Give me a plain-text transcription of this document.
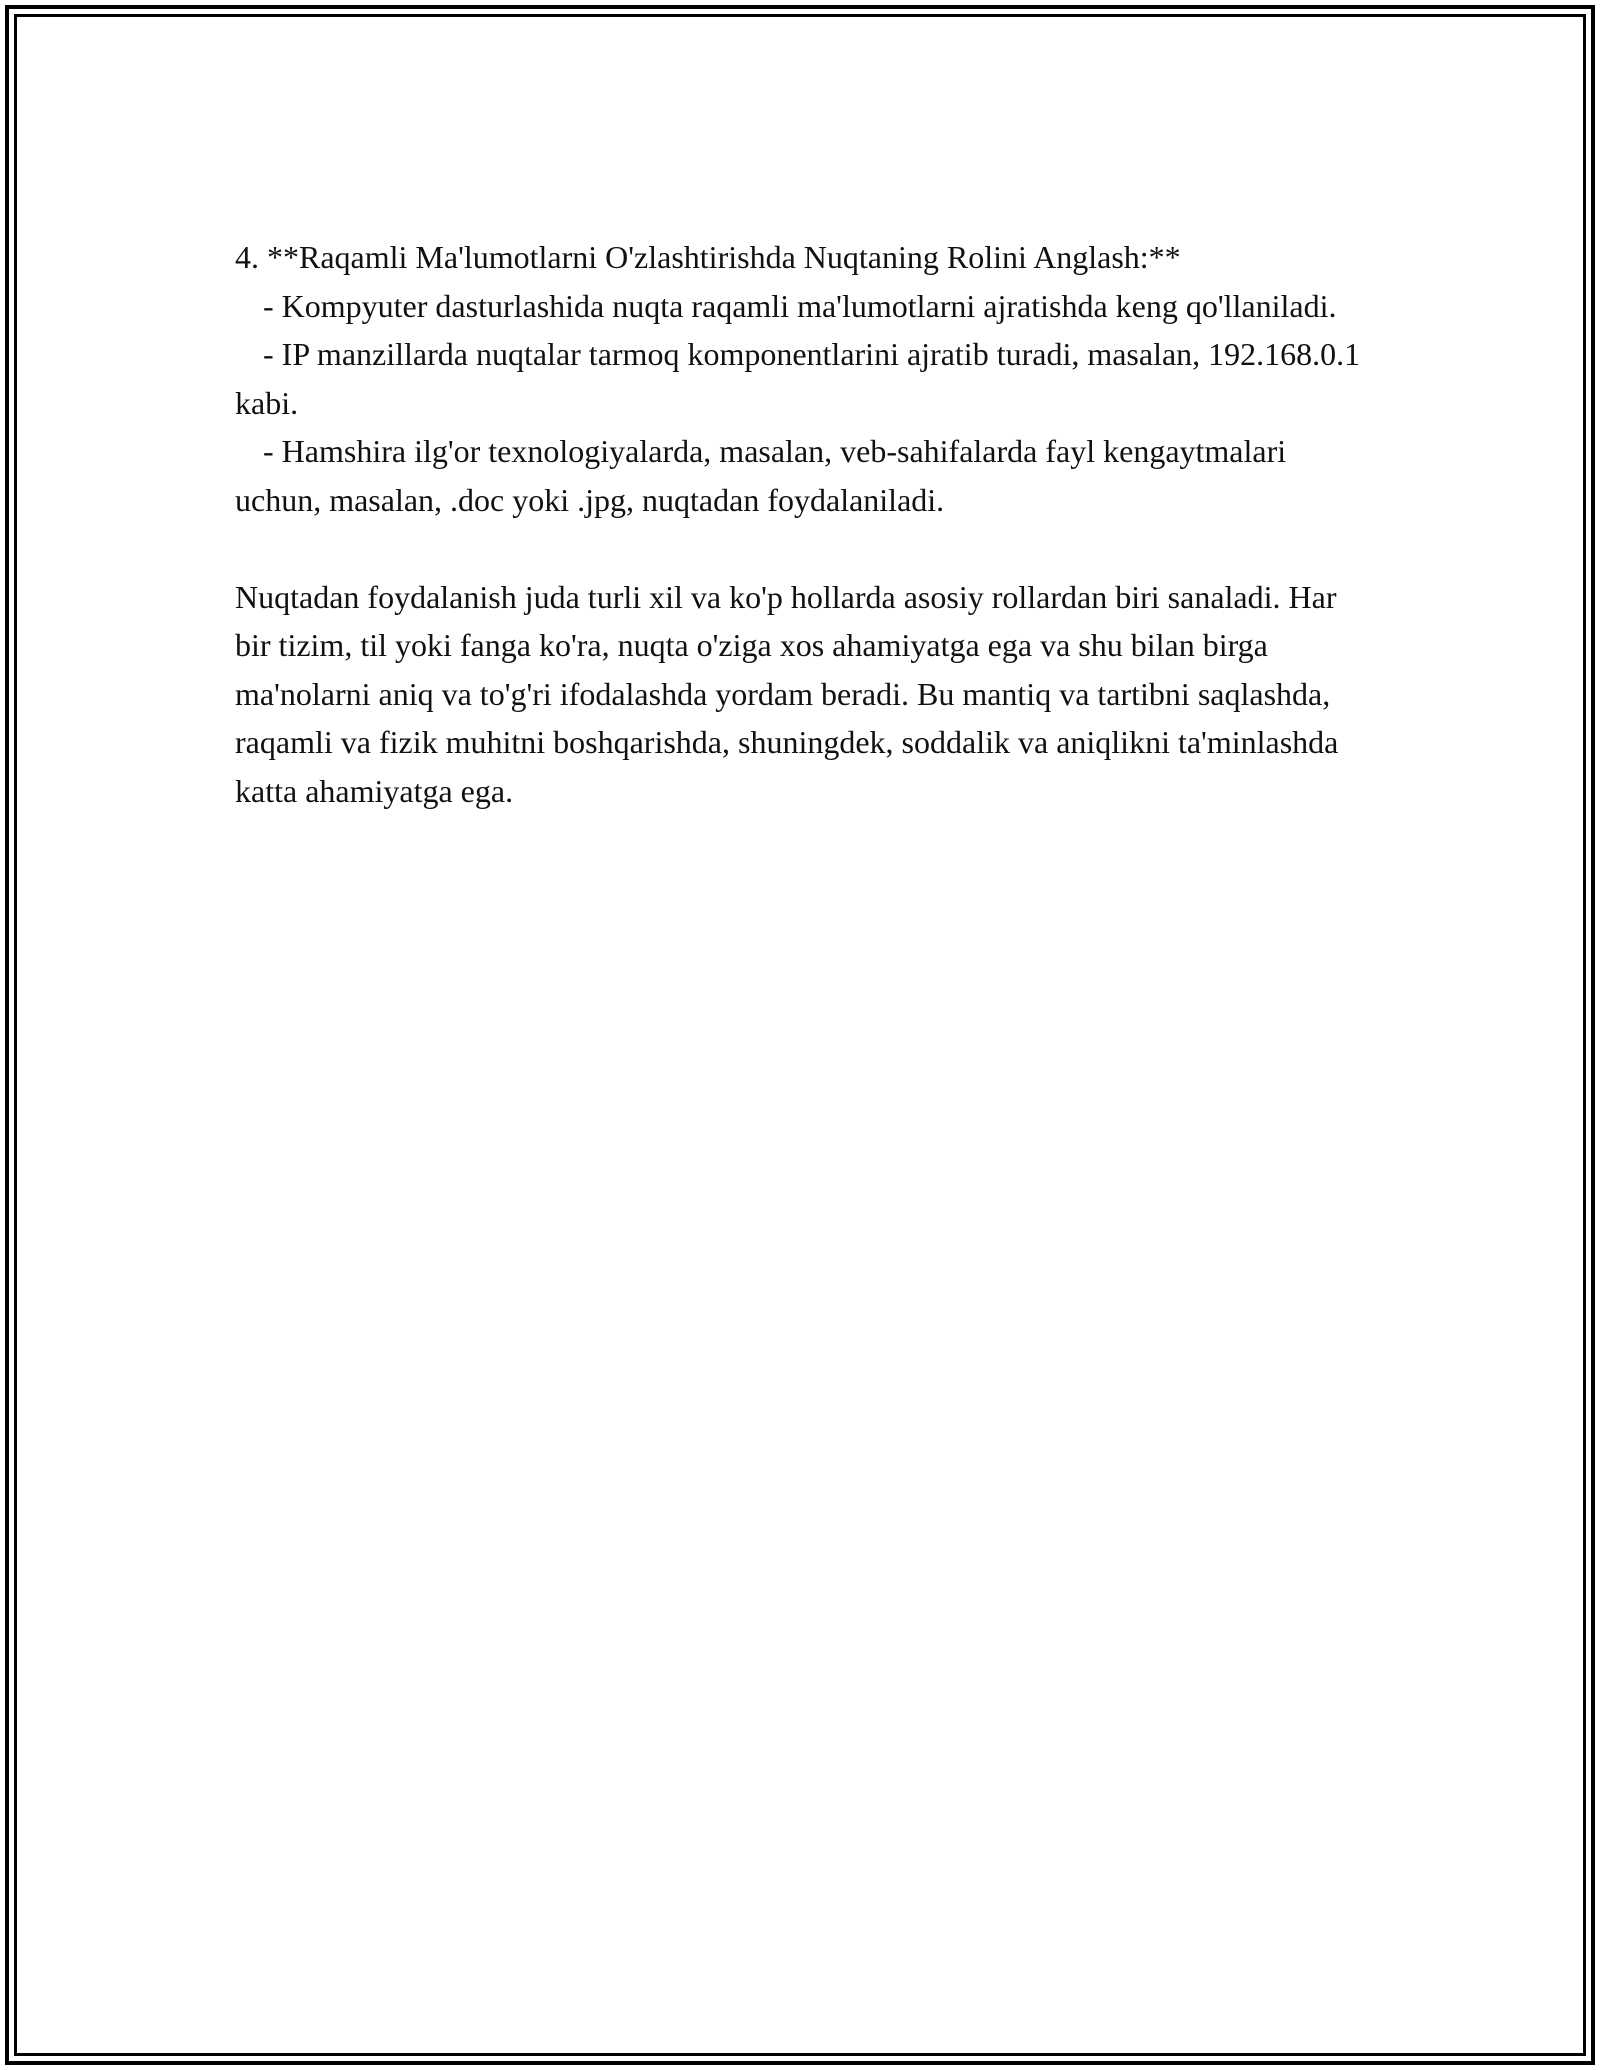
4. **Raqamli Ma'lumotlarni O'zlashtirishda Nuqtaning Rolini Anglash:**

- Kompyuter dasturlashida nuqta raqamli ma'lumotlarni ajratishda keng qo'llaniladi.

- IP manzillarda nuqtalar tarmoq komponentlarini ajratib turadi, masalan, 192.168.0.1 kabi.

- Hamshira ilg'or texnologiyalarda, masalan, veb-sahifalarda fayl kengaytmalari uchun, masalan, .doc yoki .jpg, nuqtadan foydalaniladi.

Nuqtadan foydalanish juda turli xil va ko'p hollarda asosiy rollardan biri sanaladi. Har bir tizim, til yoki fanga ko'ra, nuqta o'ziga xos ahamiyatga ega va shu bilan birga ma'nolarni aniq va to'g'ri ifodalashda yordam beradi. Bu mantiq va tartibni saqlashda, raqamli va fizik muhitni boshqarishda, shuningdek, soddalik va aniqlikni ta'minlashda katta ahamiyatga ega.
